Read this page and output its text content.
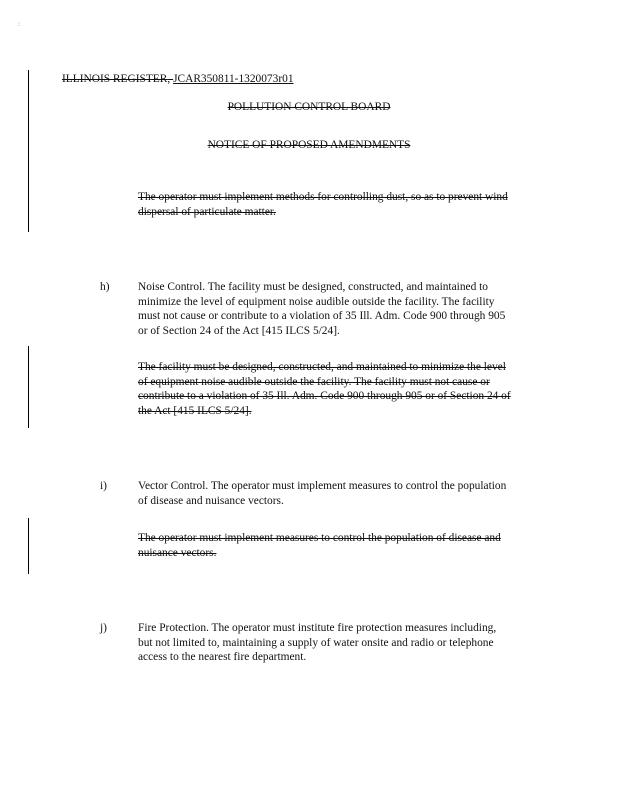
:
ILLINOIS REGISTER, JCAR350811-1320073r01
POLLUTION CONTROL BOARD
NOTICE OF PROPOSED AMENDMENTS
The operator must implement methods for controlling dust, so as to prevent wind
dispersal of particulate matter.
h)	Noise Control. The facility must be designed, constructed, and maintained to
minimize the level of equipment noise audible outside the facility. The facility
must not cause or contribute to a violation of 35 Ill. Adm. Code 900 through 905
or of Section 24 of the Act [415 ILCS 5/24].
The facility must be designed, constructed, and maintained to minimize the level
of equipment noise audible outside the facility. The facility must not cause or
contribute to a violation of 35 Ill. Adm. Code 900 through 905 or of Section 24 of
the Act [415 ILCS 5/24].
i)	Vector Control. The operator must implement measures to control the population
of disease and nuisance vectors.
The operator must implement measures to control the population of disease and
nuisance vectors.
j)	Fire Protection. The operator must institute fire protection measures including,
but not limited to, maintaining a supply of water onsite and radio or telephone
access to the nearest fire department.
